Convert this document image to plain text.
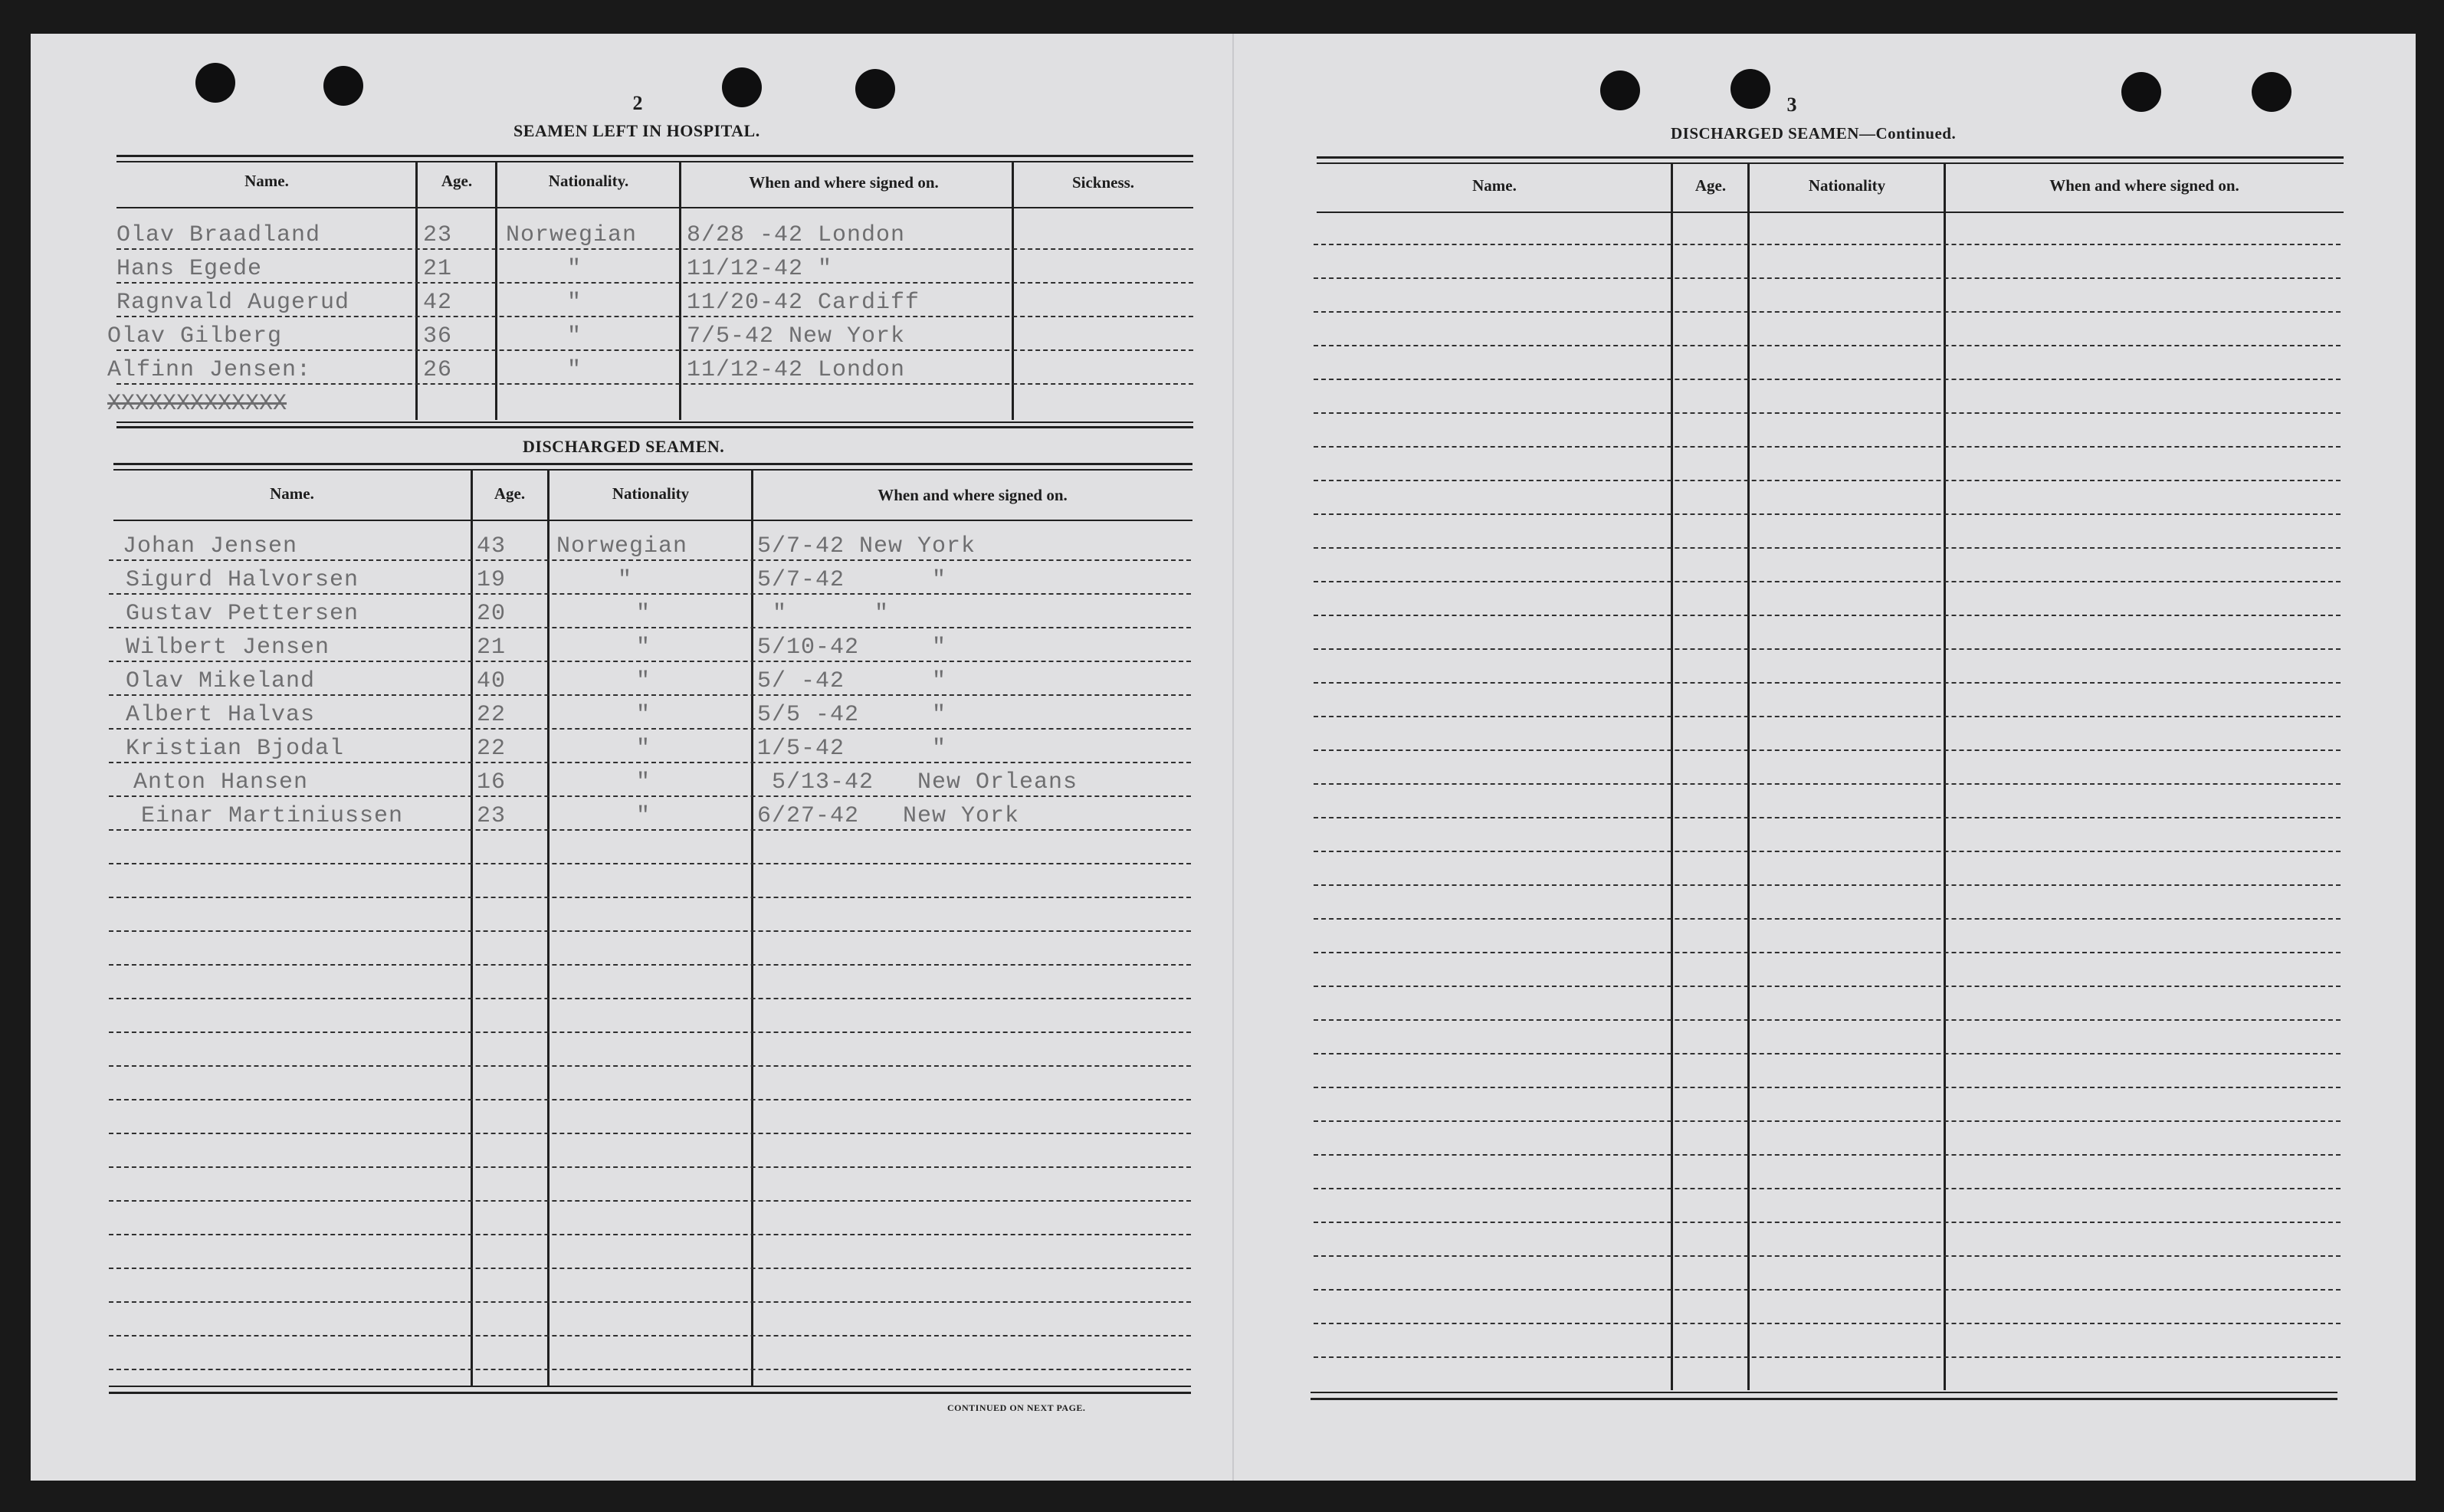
2
SEAMEN LEFT IN HOSPITAL.
Name.	Age.	Nationality.	When and where signed on.	Sickness.
Olav Braadland	23 Norwegian 8/28 -42 London
Hans Egede	21	"	11/12-42 "
Ragnvald Augerud	42	"	11/20-42 Cardiff
Olav Gilberg	36	"	7/5-42 New York
Alfinn Jensen:	26	"	11/12-42 London
XXXXXXXXXXXXX
DISCHARGED SEAMEN.
Name.	Age.	Nationality	When and where signed on.
Johan Jensen	43 Norwegian	5/7-42 New York
Sigurd Halvorsen	19	"	5/7-42      "
Gustav Pettersen	20	"	"      "
Wilbert Jensen	21	"	5/10-42     "
Olav Mikeland	40	"	5/ -42      "
Albert Halvas	22	"	5/5 -42     "
Kristian Bjodal	22	"	1/5-42      "
Anton Hansen	16	"	5/13-42   New Orleans
Einar Martiniussen	23	"	6/27-42   New York
CONTINUED ON NEXT PAGE.
3
DISCHARGED SEAMEN—Continued.
Name.	Age.	Nationality	When and where signed on.
